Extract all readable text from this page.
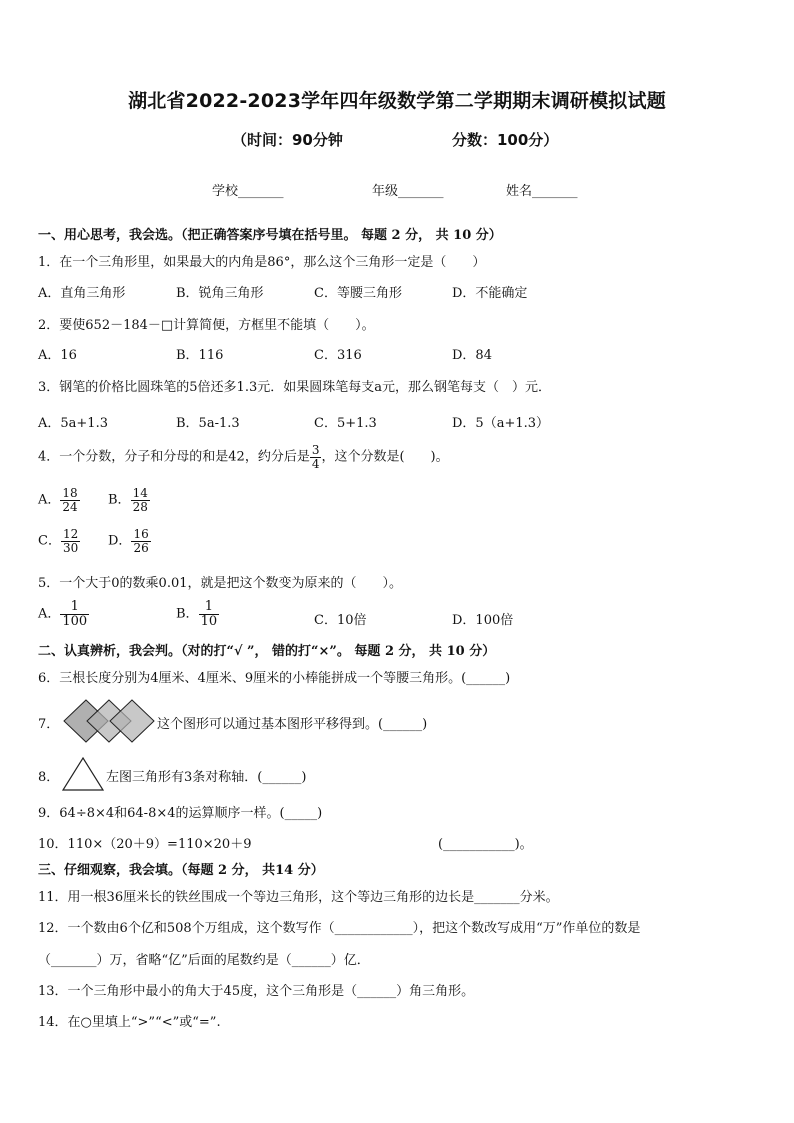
湖北省2022-2023学年四年级数学第二学期期末调研模拟试题
（时间：90分钟	分数：100分）
学校_______	年级_______	姓名_______
一、用心思考，我会选。（把正确答案序号填在括号里。 每题 2 分， 共 10 分）
1．在一个三角形里，如果最大的内角是86°，那么这个三角形一定是（　　）
A．直角三角形	B．锐角三角形	C．等腰三角形	D．不能确定
2．要使652－184－□计算简便，方框里不能填（　　）。
A．16	B．116	C．316	D．84
3．钢笔的价格比圆珠笔的5倍还多1.3元．如果圆珠笔每支a元，那么钢笔每支（　）元．
A．5a+1.3	B．5a-1.3	C．5+1.3	D．5（a+1.3）
4．一个分数，分子和分母的和是42，约分后是 $\frac{3}{4}$ ，这个分数是(　　)。
A． $\frac{18}{24}$ B． $\frac{14}{28}$
C． $\frac{12}{30}$ D． $\frac{16}{26}$
5．一个大于0的数乘0.01，就是把这个数变为原来的（　　）。
A． $\frac{1}{100}$	B． $\frac{1}{10}$	C．10倍	D．100倍
二、认真辨析，我会判。（对的打“√ ”， 错的打“×”。 每题 2 分， 共 10 分）
6．三根长度分别为4厘米、4厘米、9厘米的小棒能拼成一个等腰三角形。(______)
7．	这个图形可以通过基本图形平移得到。(______)
8．	左图三角形有3条对称轴．(______)
9．64÷8×4和64-8×4的运算顺序一样。(_____)
10．110×（20＋9）=110×20＋9	(___________)。
三、仔细观察，我会填。（每题 2 分， 共14 分）
11．用一根36厘米长的铁丝围成一个等边三角形，这个等边三角形的边长是_______分米。
12．一个数由6个亿和508个万组成，这个数写作（____________），把这个数改写成用“万”作单位的数是
（_______）万，省略“亿”后面的尾数约是（______）亿．
13．一个三角形中最小的角大于45度，这个三角形是（______）角三角形。
14．在○里填上“>”“<”或“=”.
